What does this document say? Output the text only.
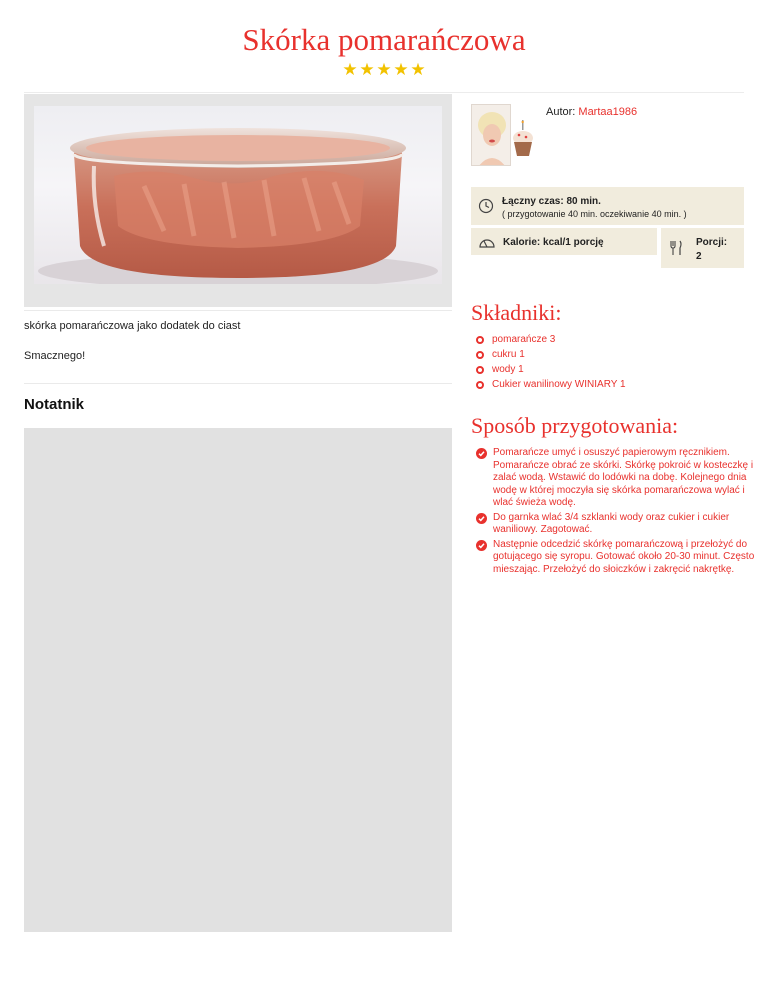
Skórka pomarańczowa
★ ★ ★ ★ ★
skórka pomarańczowa jako dodatek do ciast
Smacznego!
Notatnik
Autor: Martaa1986
Łączny czas: 80 min.
( przygotowanie 40 min. oczekiwanie 40 min. )
Kalorie: kcal/1 porcję	Porcji:
2
Składniki:
pomarańcze 3
cukru 1
wody 1
Cukier wanilinowy WINIARY 1
Sposób przygotowania:
Pomarańcze umyć i osuszyć papierowym ręcznikiem. Pomarańcze obrać ze skórki. Skórkę pokroić w kosteczkę i zalać wodą. Wstawić do lodówki na dobę. Kolejnego dnia wodę w której moczyła się skórka pomarańczowa wylać i wlać świeża wodę.
Do garnka wlać 3/4 szklanki wody oraz cukier i cukier waniliowy. Zagotować.
Następnie odcedzić skórkę pomarańczową i przełożyć do gotującego się syropu. Gotować około 20-30 minut. Często mieszając. Przełożyć do słoiczków i zakręcić nakrętkę.
